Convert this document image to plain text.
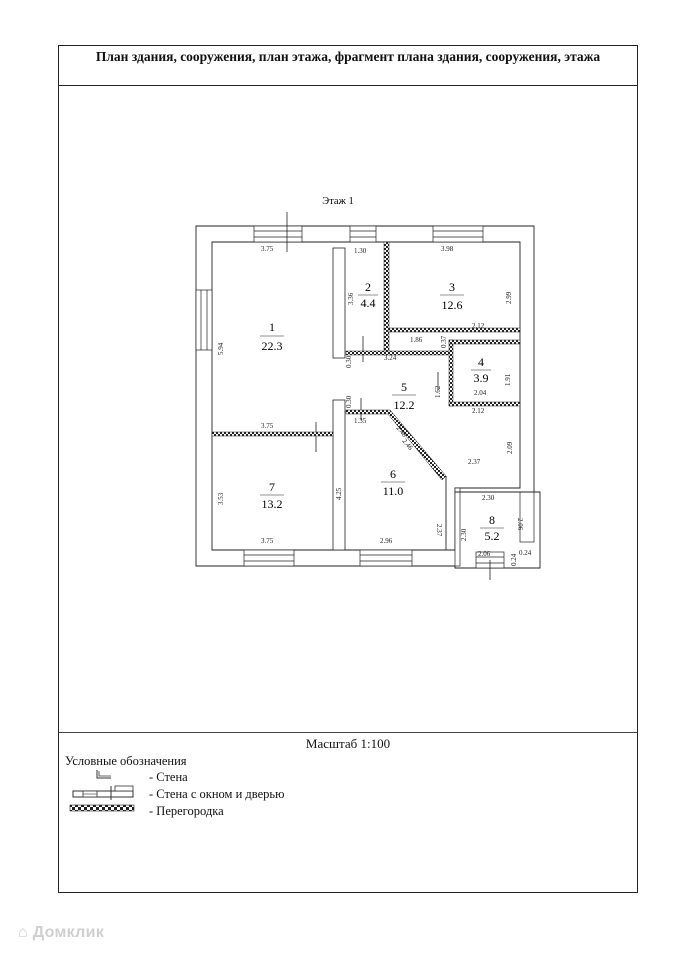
План здания, сооружения, план этажа, фрагмент плана здания, сооружения, этажа
Масштаб 1:100
Условные обозначения
- Стена
- Стена с окном и дверью
- Перегородка
Этаж 1
1
22.3
2
4.4
3
12.6
4
3.9
5
12.2
6
11.0
7
13.2
8
5.2
3.75	1.30	3.98
3.36	2.99
2.12
5.94
1.86	0.37
0.30	3.24
1.62
1.91
2.04
2.12
0.30
1.35
2.48
2.46
3.75
2.09
2.37
4.25
3.53
2.37
2.30
2.30
2.06
3.75	2.96
2.06	0.24
0.24
⌂ Домклик
